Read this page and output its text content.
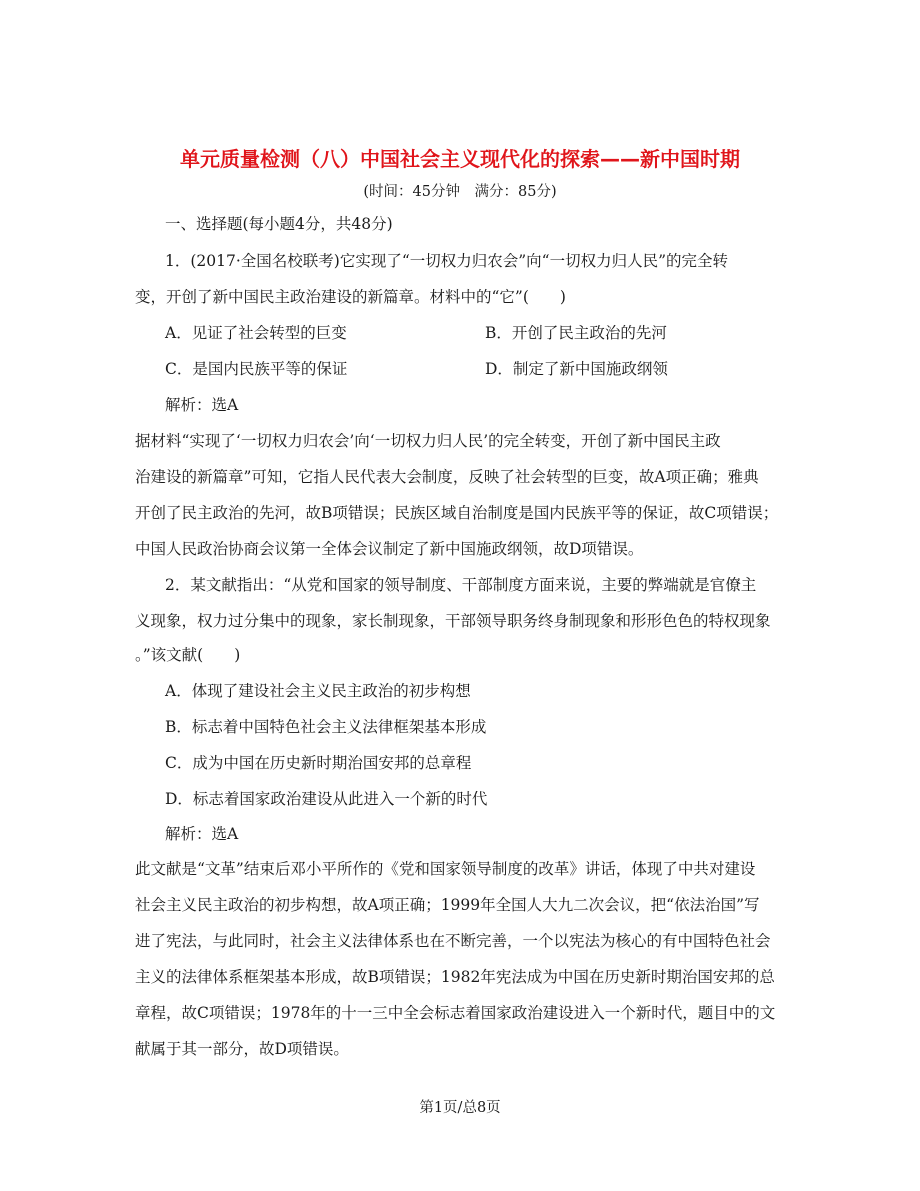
单元质量检测（八）中国社会主义现代化的探索——新中国时期
(时间：45分钟　满分：85分)
一、选择题(每小题4分，共48分)
1．(2017·全国名校联考)它实现了“一切权力归农会”向“一切权力归人民”的完全转
变，开创了新中国民主政治建设的新篇章。材料中的“它”(　　)
A．见证了社会转型的巨变	B．开创了民主政治的先河
C．是国内民族平等的保证	D．制定了新中国施政纲领
解析：选A
据材料“实现了‘一切权力归农会’向‘一切权力归人民’的完全转变，开创了新中国民主政
治建设的新篇章”可知，它指人民代表大会制度，反映了社会转型的巨变，故A项正确；雅典
开创了民主政治的先河，故B项错误；民族区域自治制度是国内民族平等的保证，故C项错误；
中国人民政治协商会议第一全体会议制定了新中国施政纲领，故D项错误。
2．某文献指出：“从党和国家的领导制度、干部制度方面来说，主要的弊端就是官僚主
义现象，权力过分集中的现象，家长制现象，干部领导职务终身制现象和形形色色的特权现象
。”该文献(　　)
A．体现了建设社会主义民主政治的初步构想
B．标志着中国特色社会主义法律框架基本形成
C．成为中国在历史新时期治国安邦的总章程
D．标志着国家政治建设从此进入一个新的时代
解析：选A
此文献是“文革”结束后邓小平所作的《党和国家领导制度的改革》讲话，体现了中共对建设
社会主义民主政治的初步构想，故A项正确；1999年全国人大九二次会议，把“依法治国”写
进了宪法，与此同时，社会主义法律体系也在不断完善，一个以宪法为核心的有中国特色社会
主义的法律体系框架基本形成，故B项错误；1982年宪法成为中国在历史新时期治国安邦的总
章程，故C项错误；1978年的十一三中全会标志着国家政治建设进入一个新时代，题目中的文
献属于其一部分，故D项错误。
第1页/总8页
